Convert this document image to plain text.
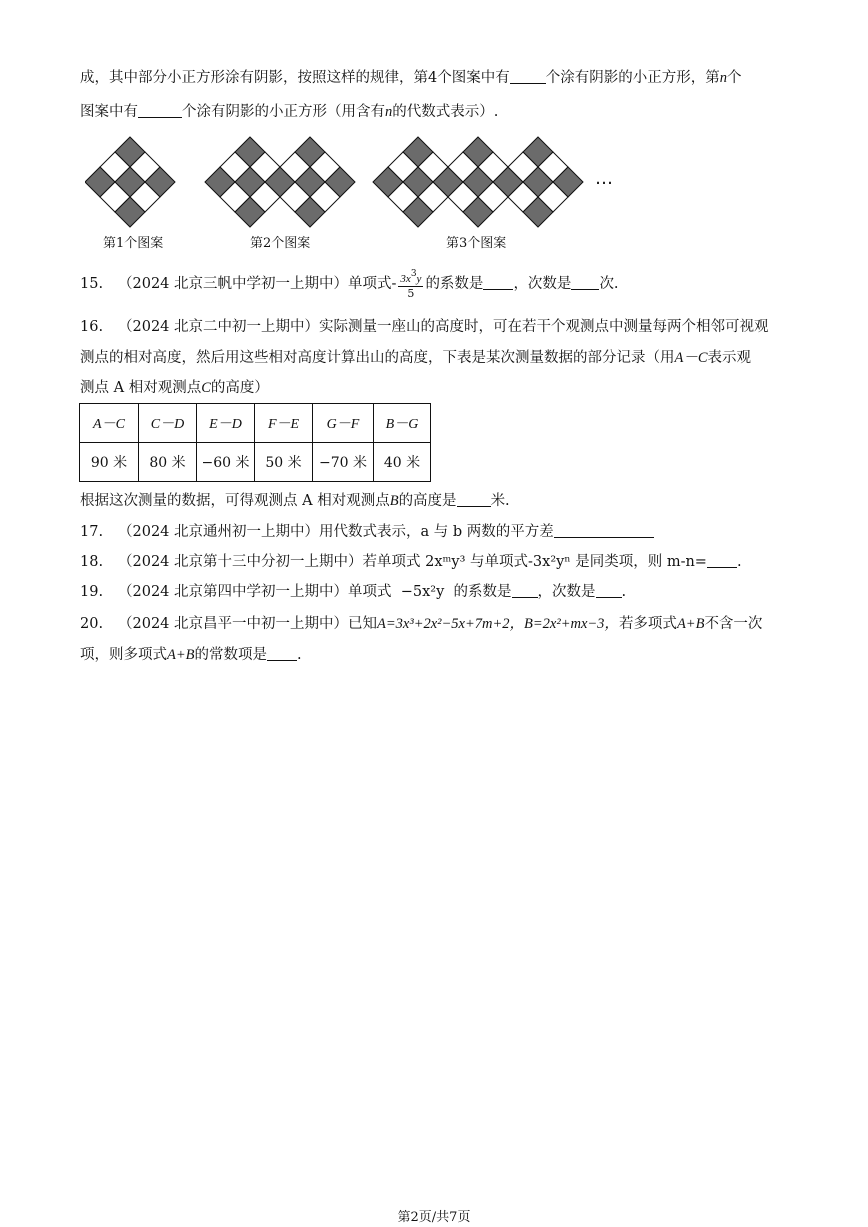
成，其中部分小正方形涂有阴影，按照这样的规律，第4个图案中有 个涂有阴影的小正方形，第n个
图案中有	个涂有阴影的小正方形（用含有n的代数式表示）.
…
第1个图案	第2个图案	第3个图案
15. （2024 北京三帆中学初一上期中）单项式- $\frac{3x^3y}{5}$ 的系数是 ，次数是 次.
16. （2024 北京二中初一上期中）实际测量一座山的高度时，可在若干个观测点中测量每两个相邻可视观
测点的相对高度，然后用这些相对高度计算出山的高度，下表是某次测量数据的部分记录（用A－C表示观
测点 A 相对观测点C的高度）
A－C	C－D	E－D	F－E	G－F	B－G
90 米	80 米	−60 米	50 米	−70 米	40 米
根据这次测量的数据，可得观测点 A 相对观测点B的高度是 米.
17. （2024 北京通州初一上期中）用代数式表示，a 与 b 两数的平方差
18. （2024 北京第十三中分初一上期中）若单项式 2xᵐy³ 与单项式-3x²yⁿ 是同类项，则 m-n= .
19. （2024 北京第四中学初一上期中）单项式 −5x²y 的系数是 ，次数是 .
20. （2024 北京昌平一中初一上期中）已知A=3x³+2x²−5x+7m+2，B=2x²+mx−3，若多项式A+B不含一次
项，则多项式A+B的常数项是 .
第2页/共7页
